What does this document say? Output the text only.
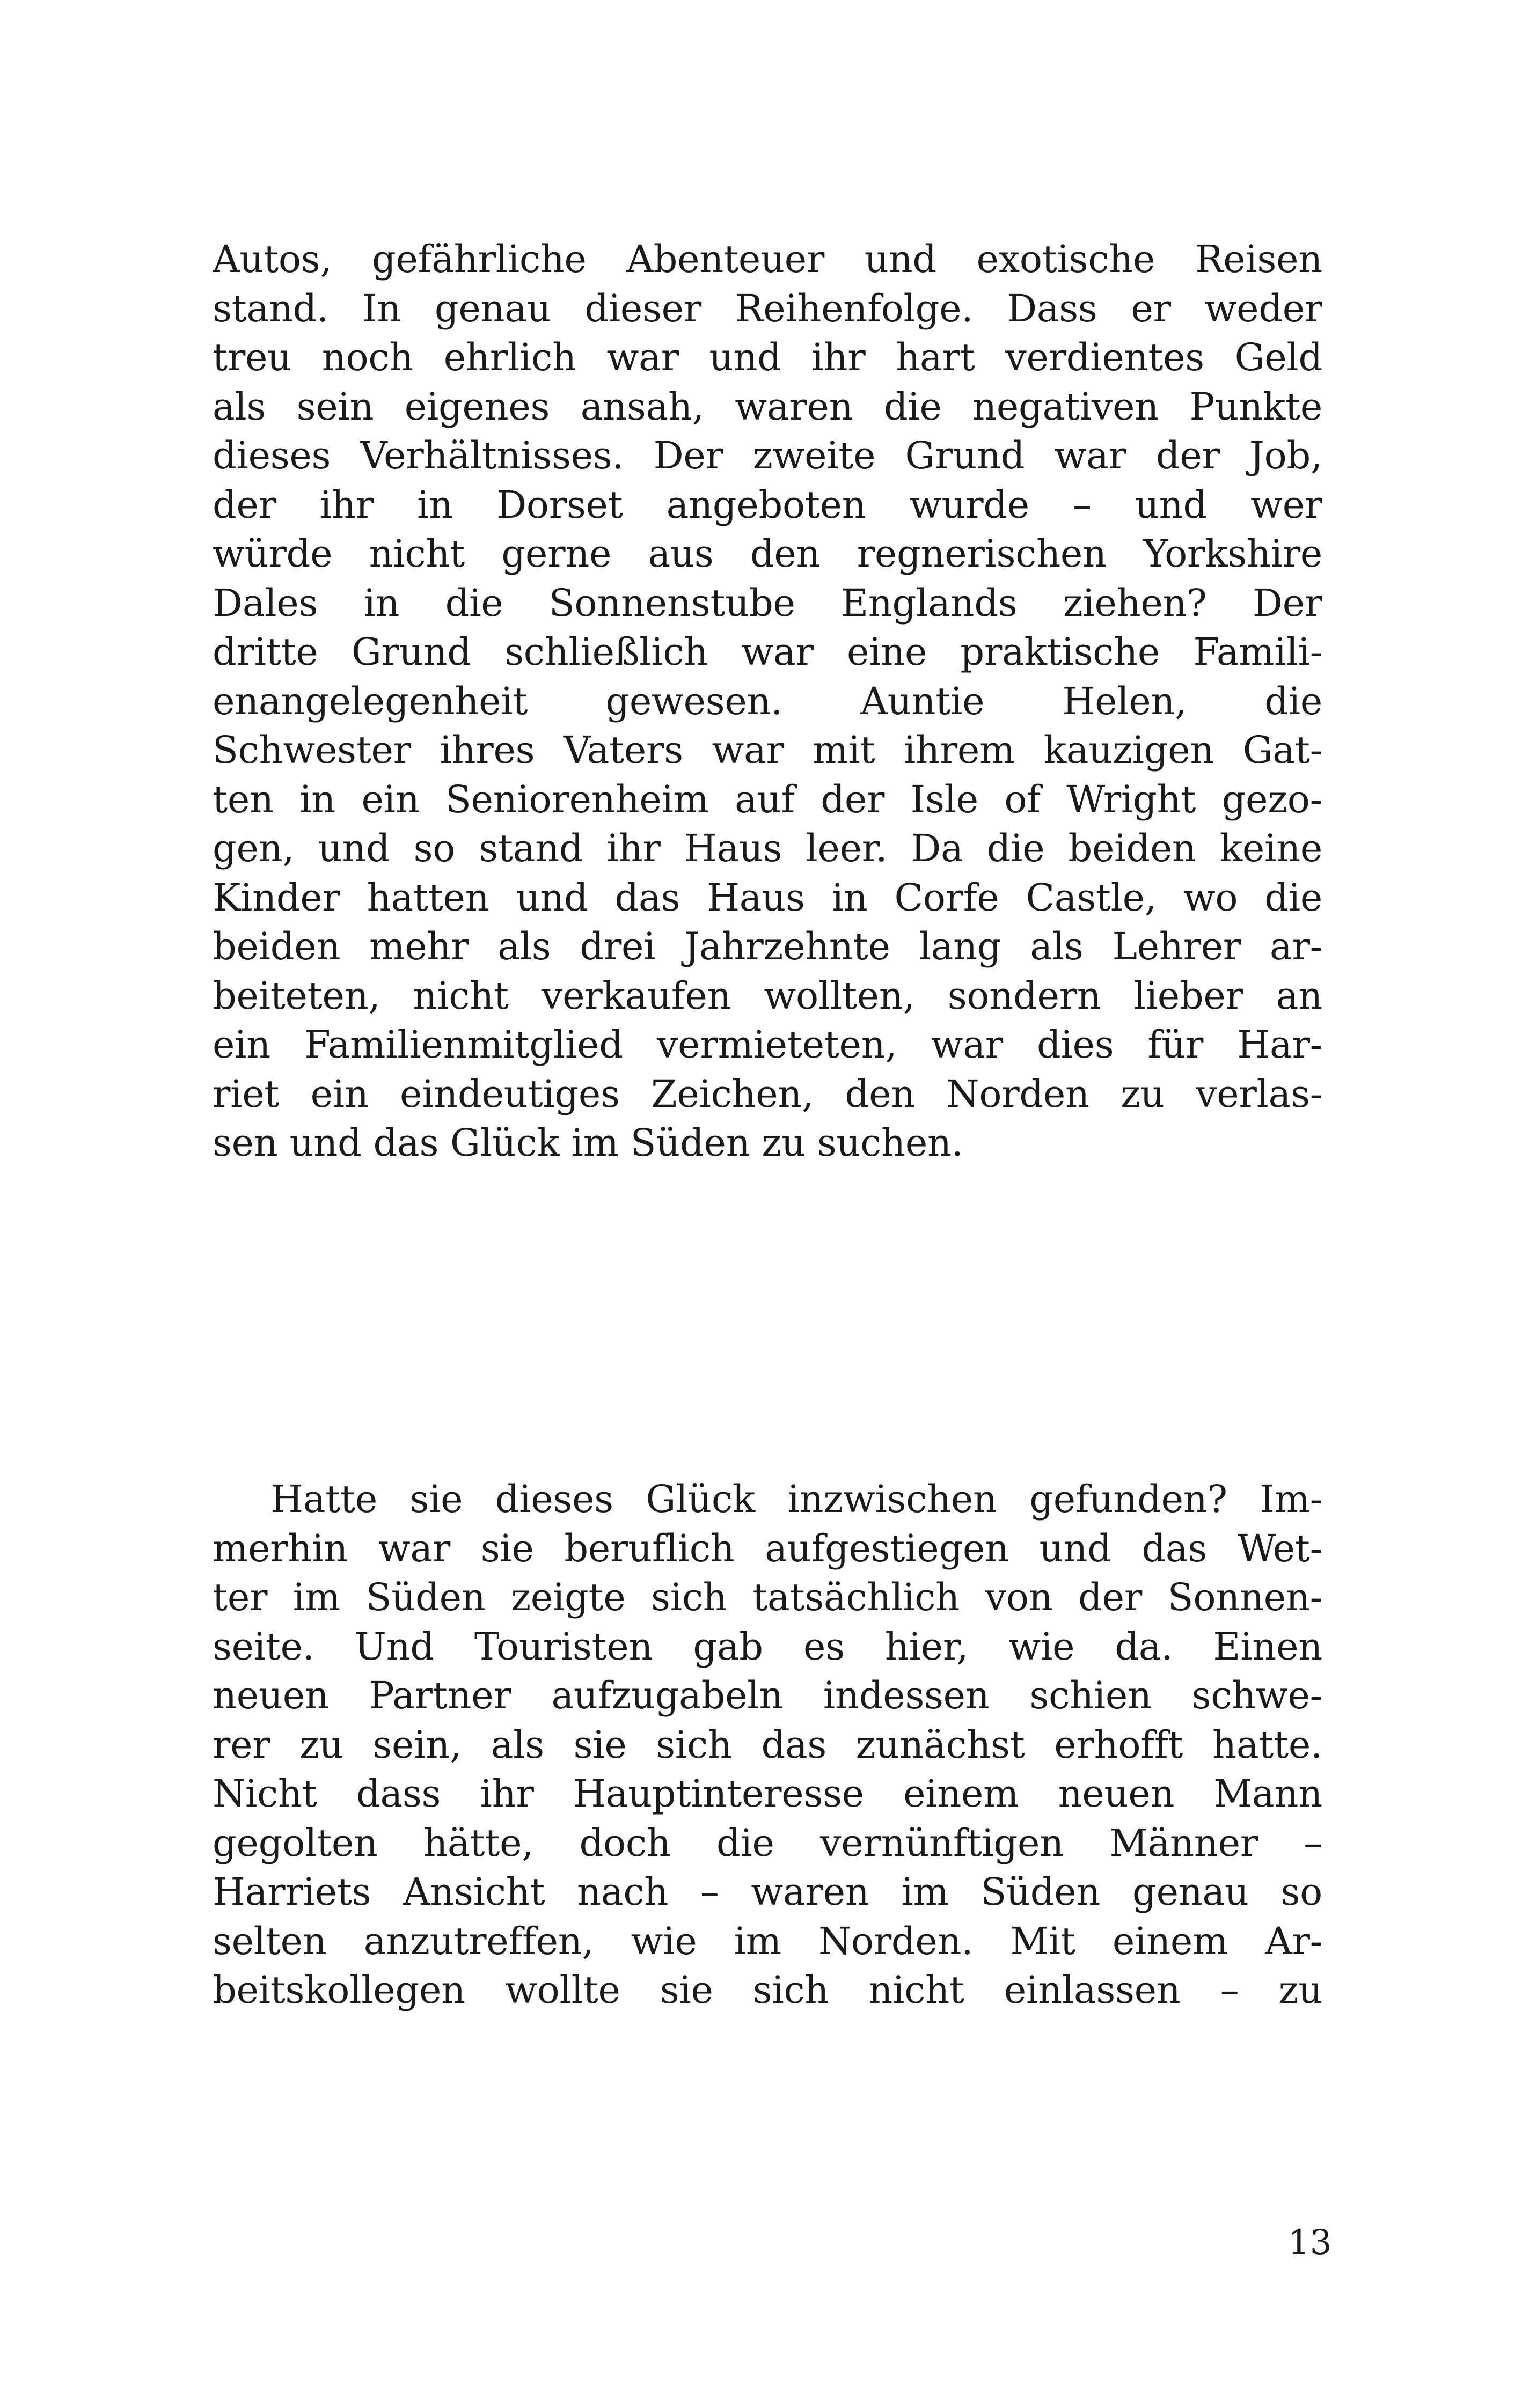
Autos, gefährliche Abenteuer und exotische Reisen
stand. In genau dieser Reihenfolge. Dass er weder
treu noch ehrlich war und ihr hart verdientes Geld
als sein eigenes ansah, waren die negativen Punkte
dieses Verhältnisses. Der zweite Grund war der Job,
der ihr in Dorset angeboten wurde – und wer
würde nicht gerne aus den regnerischen Yorkshire
Dales in die Sonnenstube Englands ziehen? Der
dritte Grund schließlich war eine praktische Famili-
enangelegenheit gewesen. Auntie Helen, die
Schwester ihres Vaters war mit ihrem kauzigen Gat-
ten in ein Seniorenheim auf der Isle of Wright gezo-
gen, und so stand ihr Haus leer. Da die beiden keine
Kinder hatten und das Haus in Corfe Castle, wo die
beiden mehr als drei Jahrzehnte lang als Lehrer ar-
beiteten, nicht verkaufen wollten, sondern lieber an
ein Familienmitglied vermieteten, war dies für Har-
riet ein eindeutiges Zeichen, den Norden zu verlas-
sen und das Glück im Süden zu suchen.
Hatte sie dieses Glück inzwischen gefunden? Im-
merhin war sie beruflich aufgestiegen und das Wet-
ter im Süden zeigte sich tatsächlich von der Sonnen-
seite. Und Touristen gab es hier, wie da. Einen
neuen Partner aufzugabeln indessen schien schwe-
rer zu sein, als sie sich das zunächst erhofft hatte.
Nicht dass ihr Hauptinteresse einem neuen Mann
gegolten hätte, doch die vernünftigen Männer –
Harriets Ansicht nach – waren im Süden genau so
selten anzutreffen, wie im Norden. Mit einem Ar-
beitskollegen wollte sie sich nicht einlassen – zu
13
